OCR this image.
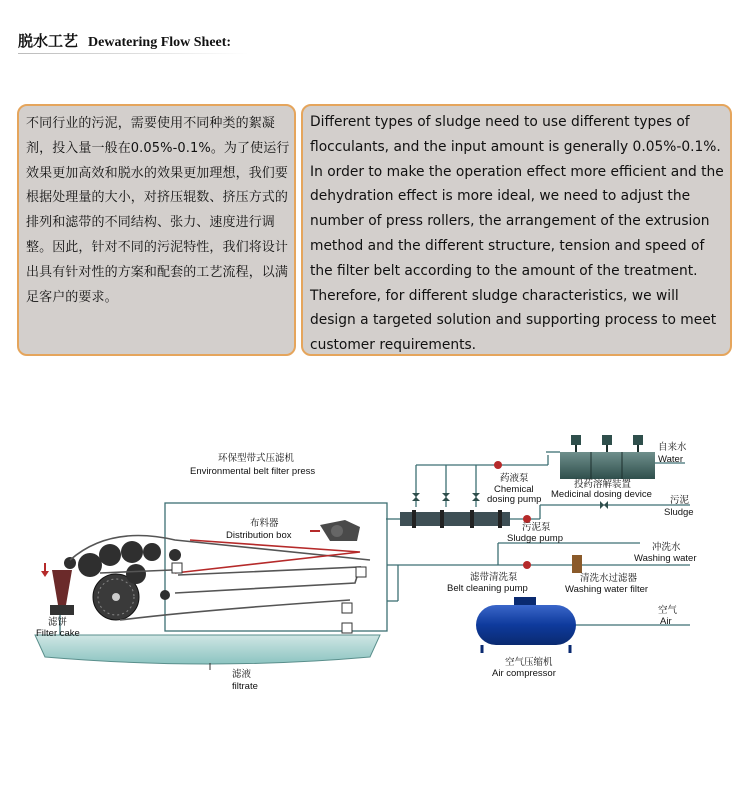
脱水工艺 Dewatering Flow Sheet:
不同行业的污泥，需要使用不同种类的絮凝剂，投入量一般在0.05%-0.1%。为了使运行效果更加高效和脱水的效果更加理想，我们要根据处理量的大小，对挤压辊数、挤压方式的排列和滤带的不同结构、张力、速度进行调整。因此，针对不同的污泥特性，我们将设计出具有针对性的方案和配套的工艺流程，以满足客户的要求。
Different types of sludge need to use different types of flocculants, and the input amount is generally 0.05%-0.1%. In order to make the operation effect more efficient and the dehydration effect is more ideal, we need to adjust the number of press rollers, the arrangement of the extrusion method and the different structure, tension and speed of the filter belt according to the amount of the treatment. Therefore, for different sludge characteristics, we will design a targeted solution and supporting process to meet customer requirements.
环保型带式压滤机
Environmental belt filter press
布料器
Distribution box
药液泵
Chemical
dosing pump
投药溶解装置
Medicinal dosing device
自来水
Water
污泥
Sludge
污泥泵
Sludge pump
冲洗水
Washing water
滤带清洗泵
Belt cleaning pump
清洗水过滤器
Washing water filter
空气
Air
空气压缩机
Air compressor
滤饼
Filter cake
滤液
filtrate
